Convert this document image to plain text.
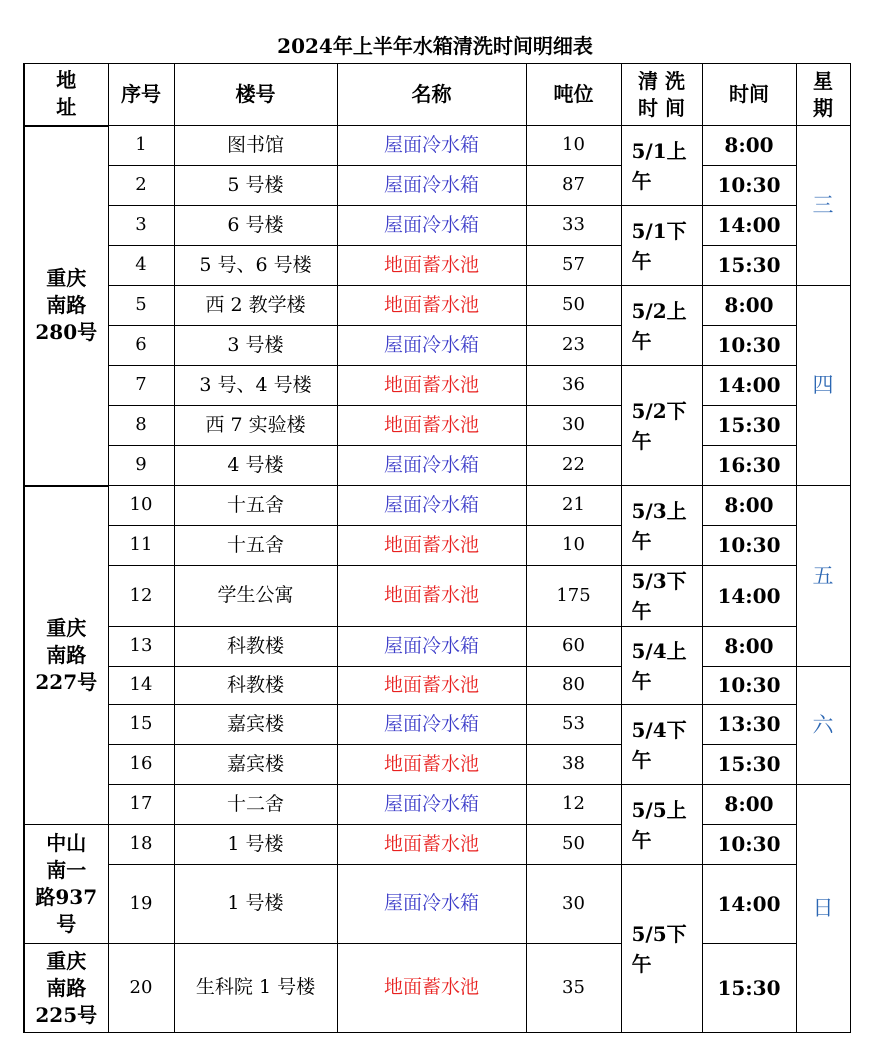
2024年上半年水箱清洗时间明细表
地
址	序号	楼号	名称	吨位	清 洗
时 间	时间	星
期
重庆
南路
280号	1	图书馆	屋面冷水箱	10	5/1上
午	8:00	三
	2	5 号楼	屋面冷水箱	87		10:30	
	3	6 号楼	屋面冷水箱	33	5/1下
午	14:00	
	4	5 号、6 号楼	地面蓄水池	57		15:30	
	5	西 2 教学楼	地面蓄水池	50	5/2上
午	8:00	四
	6	3 号楼	屋面冷水箱	23		10:30	
	7	3 号、4 号楼	地面蓄水池	36	5/2下
午	14:00	
	8	西 7 实验楼	地面蓄水池	30		15:30	
	9	4 号楼	屋面冷水箱	22		16:30	
重庆
南路
227号	10	十五舍	屋面冷水箱	21	5/3上
午	8:00	五
	11	十五舍	地面蓄水池	10		10:30	
	12	学生公寓	地面蓄水池	175	5/3下
午	14:00	
	13	科教楼	屋面冷水箱	60	5/4上
午	8:00	
	14	科教楼	地面蓄水池	80		10:30	六
	15	嘉宾楼	屋面冷水箱	53	5/4下
午	13:30	
	16	嘉宾楼	地面蓄水池	38		15:30	
	17	十二舍	屋面冷水箱	12	5/5上
午	8:00	日
中山
南一
路937
号	18	1 号楼	地面蓄水池	50		10:30	
	19	1 号楼	屋面冷水箱	30	5/5下
午	14:00	
重庆
南路
225号	20	生科院 1 号楼	地面蓄水池	35		15:30	
